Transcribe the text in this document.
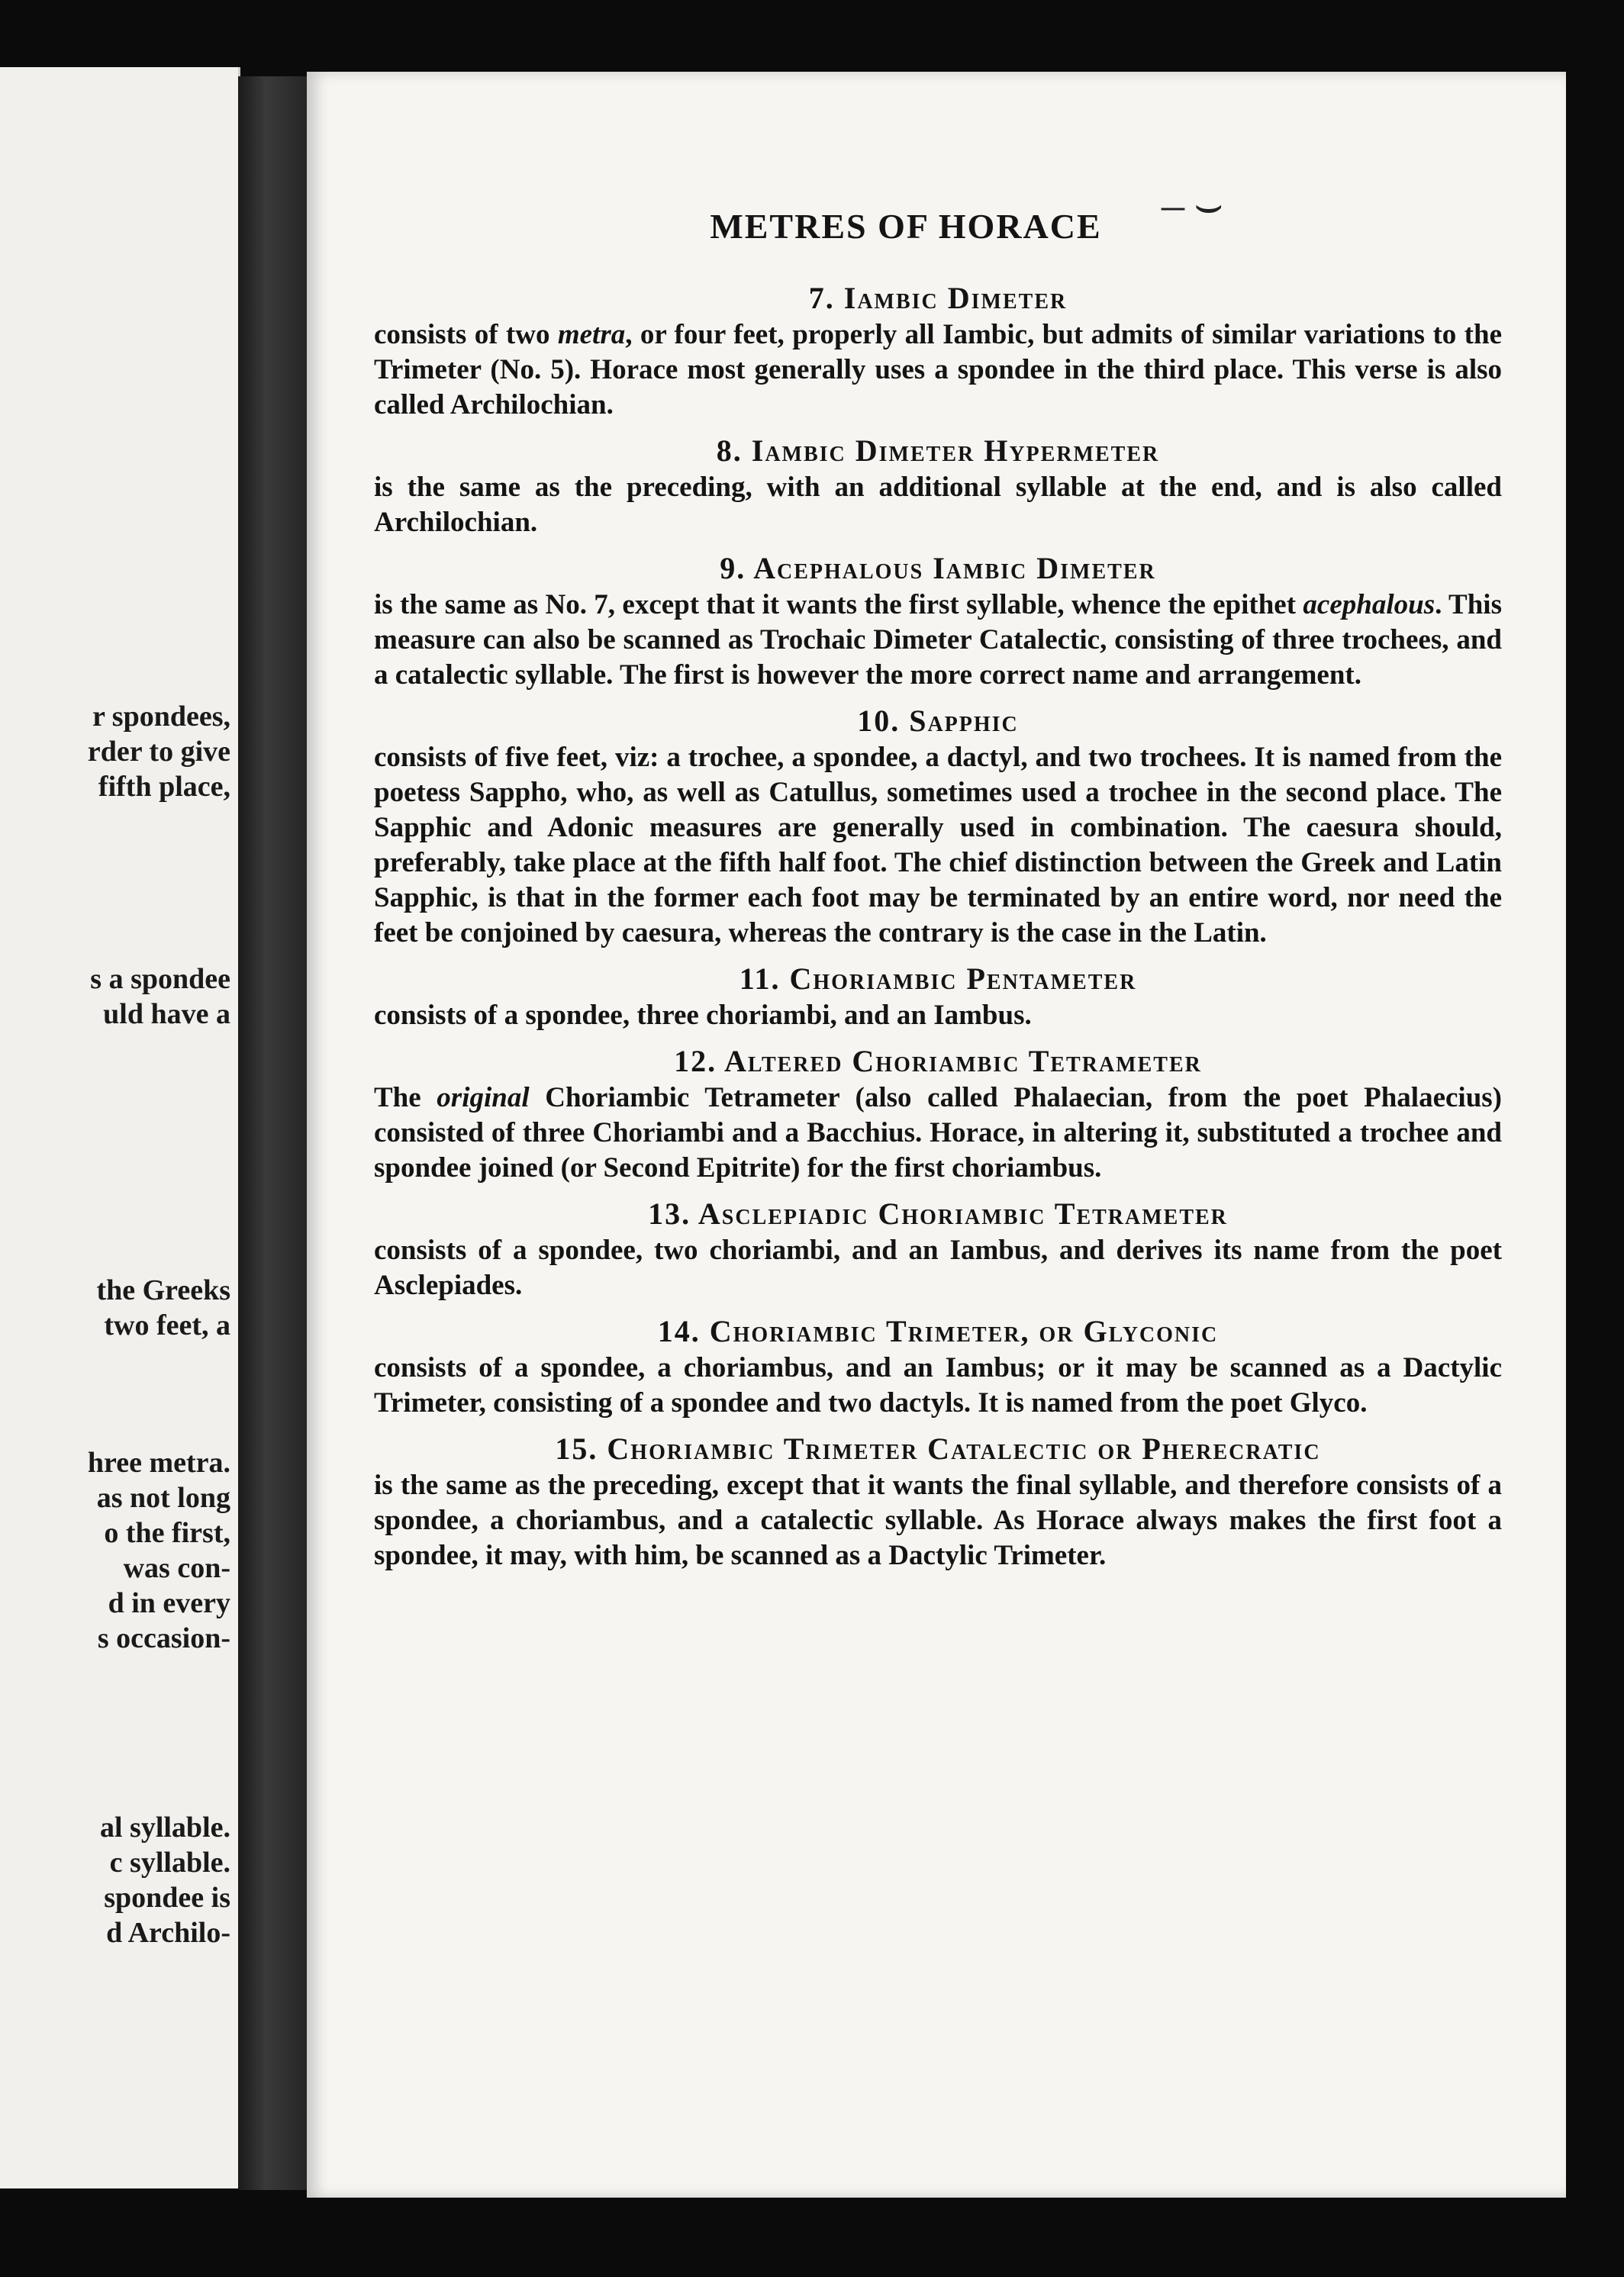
r spondees,
rder to give
fifth place,
s a spondee
uld have a
the Greeks
two feet, a
hree metra.
as not long
o the first,
was con-
d in every
s occasion-
al syllable.
c syllable.
spondee is
d Archilo-
METRES OF HORACE	– ⌣
7. Iambic Dimeter
consists of two metra, or four feet, properly all Iambic, but admits of similar variations to the Trimeter (No. 5). Horace most generally uses a spondee in the third place. This verse is also called Archilochian.
8. Iambic Dimeter Hypermeter
is the same as the preceding, with an additional syllable at the end, and is also called Archilochian.
9. Acephalous Iambic Dimeter
is the same as No. 7, except that it wants the first syllable, whence the epithet acephalous. This measure can also be scanned as Trochaic Dimeter Catalectic, consisting of three trochees, and a catalectic syllable. The first is however the more correct name and arrangement.
10. Sapphic
consists of five feet, viz: a trochee, a spondee, a dactyl, and two trochees. It is named from the poetess Sappho, who, as well as Catullus, sometimes used a trochee in the second place. The Sapphic and Adonic measures are generally used in combination. The caesura should, preferably, take place at the fifth half foot. The chief distinction between the Greek and Latin Sapphic, is that in the former each foot may be terminated by an entire word, nor need the feet be conjoined by caesura, whereas the contrary is the case in the Latin.
11. Choriambic Pentameter
consists of a spondee, three choriambi, and an Iambus.
12. Altered Choriambic Tetrameter
The original Choriambic Tetrameter (also called Phalaecian, from the poet Phalaecius) consisted of three Choriambi and a Bacchius. Horace, in altering it, substituted a trochee and spondee joined (or Second Epitrite) for the first choriambus.
13. Asclepiadic Choriambic Tetrameter
consists of a spondee, two choriambi, and an Iambus, and derives its name from the poet Asclepiades.
14. Choriambic Trimeter, or Glyconic
consists of a spondee, a choriambus, and an Iambus; or it may be scanned as a Dactylic Trimeter, consisting of a spondee and two dactyls. It is named from the poet Glyco.
15. Choriambic Trimeter Catalectic or Pherecratic
is the same as the preceding, except that it wants the final syllable, and therefore consists of a spondee, a choriambus, and a catalectic syllable. As Horace always makes the first foot a spondee, it may, with him, be scanned as a Dactylic Trimeter.
